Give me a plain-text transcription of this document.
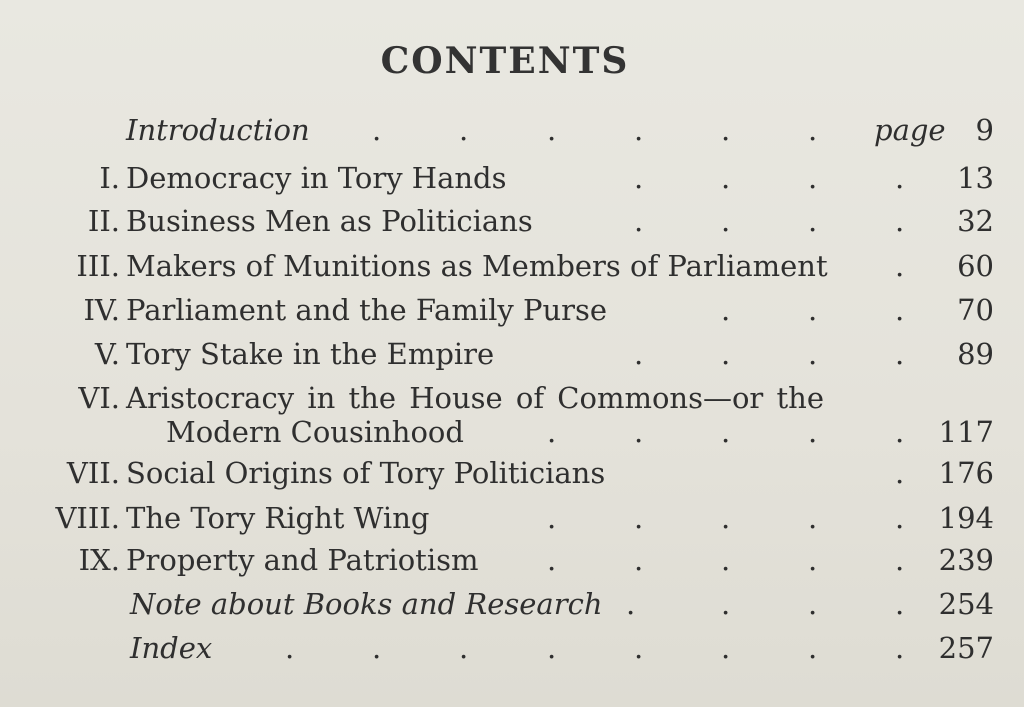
CONTENTS
Introduction . . . . . .	page 9
I. Democracy in Tory Hands . . . .	13
II. Business Men as Politicians . . . .	32
III. Makers of Munitions as Members of Parliament .	60
IV. Parliament and the Family Purse . . .	70
V. Tory Stake in the Empire . . . .	89
VI. Aristocracy in the House of Commons—or the
Modern Cousinhood . . . . .	117
VII. Social Origins of Tory Politicians .	176
VIII. The Tory Right Wing . . . . .	194
IX. Property and Patriotism . . . . .	239
Note about Books and Research . . . .	254
Index . . . . . . . .	257
